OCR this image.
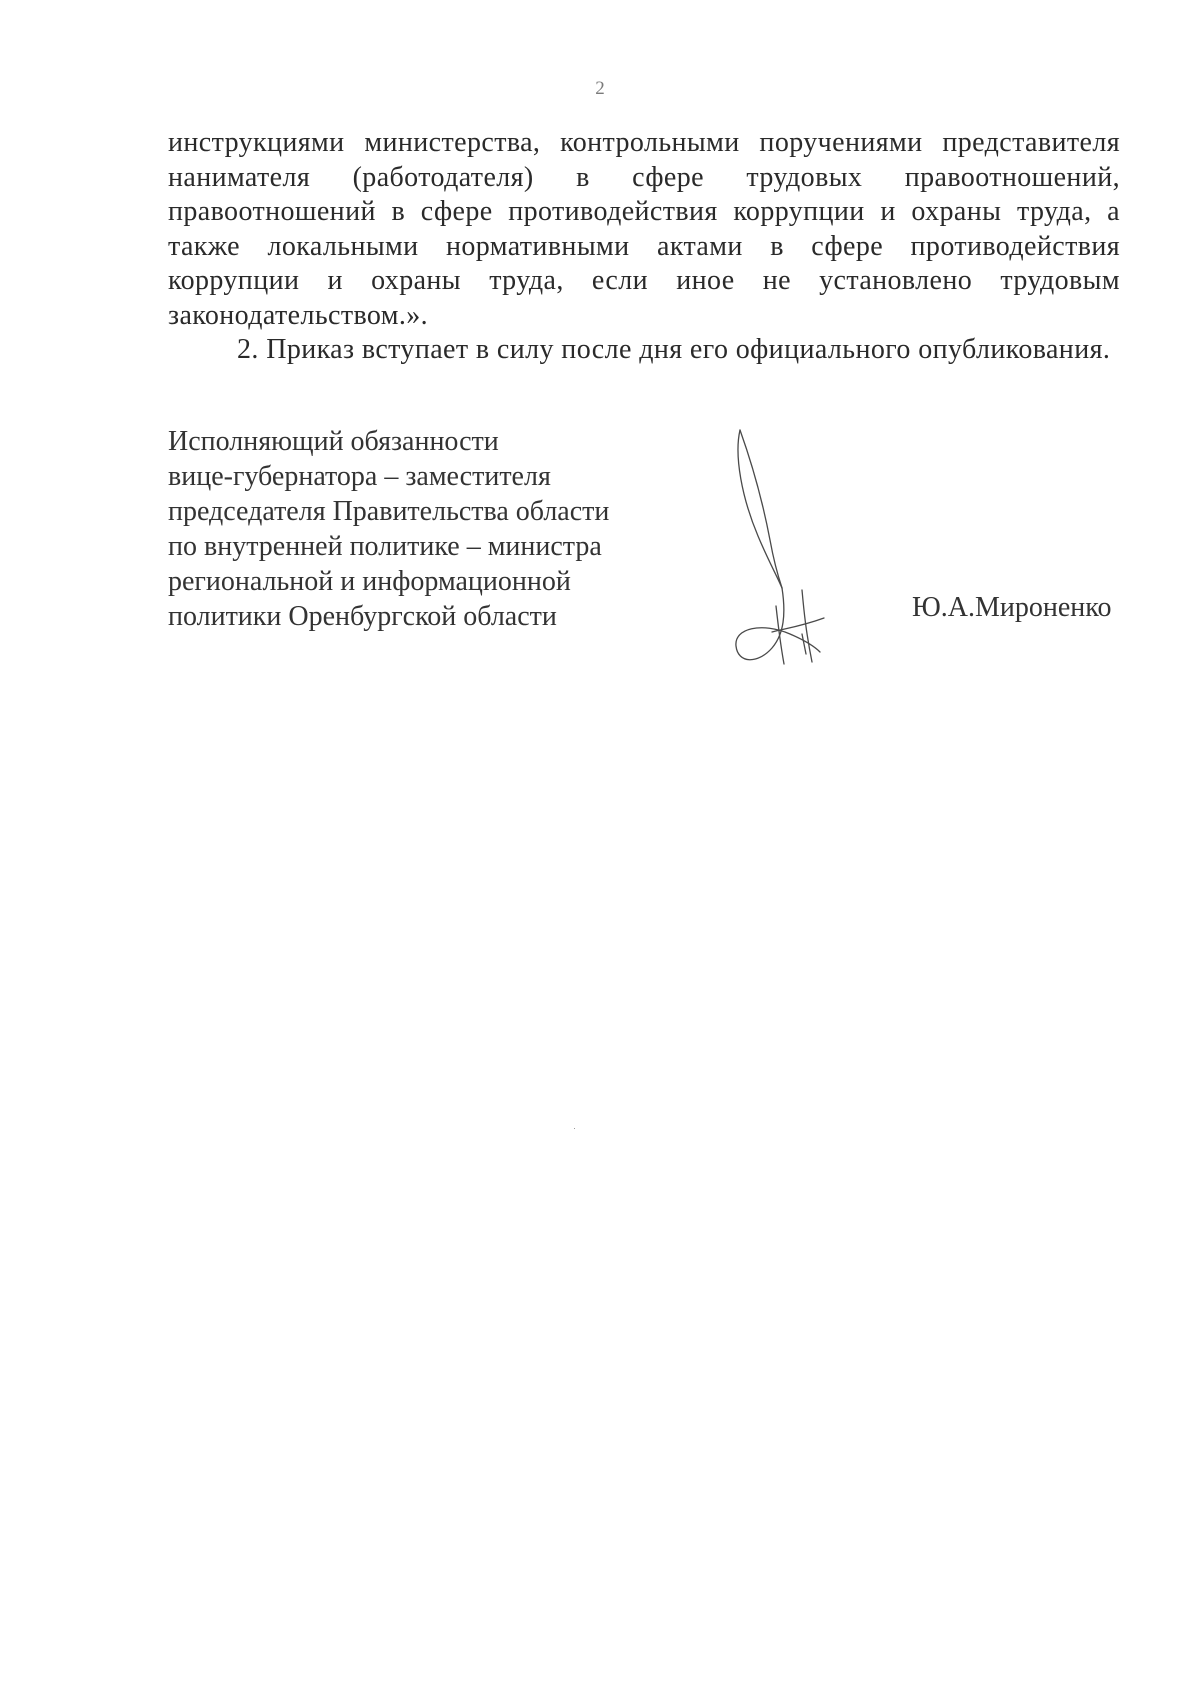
2

инструкциями министерства, контрольными поручениями представителя нанимателя (работодателя) в сфере трудовых правоотношений, правоотношений в сфере противодействия коррупции и охраны труда, а также локальными нормативными актами в сфере противодействия коррупции и охраны труда, если иное не установлено трудовым законодательством.».

2. Приказ вступает в силу после дня его официального опубликования.

Исполняющий обязанности
вице-губернатора – заместителя
председателя Правительства области
по внутренней политике – министра
региональной и информационной
политики Оренбургской области	Ю.А.Мироненко
